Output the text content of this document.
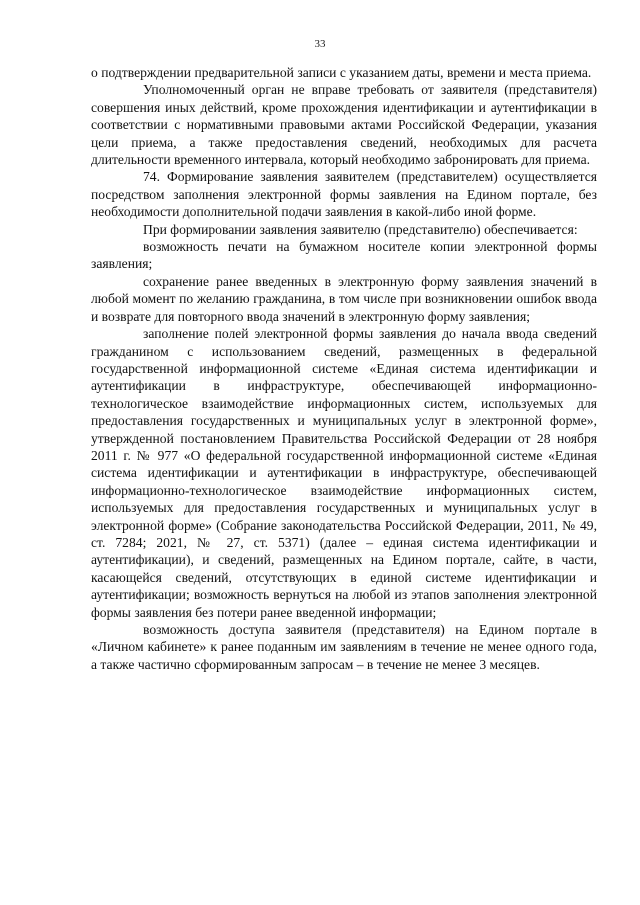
33

о подтверждении предварительной записи с указанием даты, времени и места приема.

Уполномоченный орган не вправе требовать от заявителя (представителя) совершения иных действий, кроме прохождения идентификации и аутентификации в соответствии с нормативными правовыми актами Российской Федерации, указания цели приема, а также предоставления сведений, необходимых для расчета длительности временного интервала, который необходимо забронировать для приема.

74. Формирование заявления заявителем (представителем) осуществляется посредством заполнения электронной формы заявления на Едином портале, без необходимости дополнительной подачи заявления в какой-либо иной форме.

При формировании заявления заявителю (представителю) обеспечивается:

возможность печати на бумажном носителе копии электронной формы заявления;

сохранение ранее введенных в электронную форму заявления значений в любой момент по желанию гражданина, в том числе при возникновении ошибок ввода и возврате для повторного ввода значений в электронную форму заявления;

заполнение полей электронной формы заявления до начала ввода сведений гражданином с использованием сведений, размещенных в федеральной государственной информационной системе «Единая система идентификации и аутентификации в инфраструктуре, обеспечивающей информационно-технологическое взаимодействие информационных систем, используемых для предоставления государственных и муниципальных услуг в электронной форме», утвержденной постановлением Правительства Российской Федерации от 28 ноября 2011 г. № 977 «О федеральной государственной информационной системе «Единая система идентификации и аутентификации в инфраструктуре, обеспечивающей информационно-технологическое взаимодействие информационных систем, используемых для предоставления государственных и муниципальных услуг в электронной форме» (Собрание законодательства Российской Федерации, 2011, № 49, ст. 7284; 2021, № 27, ст. 5371) (далее – единая система идентификации и аутентификации), и сведений, размещенных на Едином портале, сайте, в части, касающейся сведений, отсутствующих в единой системе идентификации и аутентификации; возможность вернуться на любой из этапов заполнения электронной формы заявления без потери ранее введенной информации;

возможность доступа заявителя (представителя) на Едином портале в «Личном кабинете» к ранее поданным им заявлениям в течение не менее одного года, а также частично сформированным запросам – в течение не менее 3 месяцев.
